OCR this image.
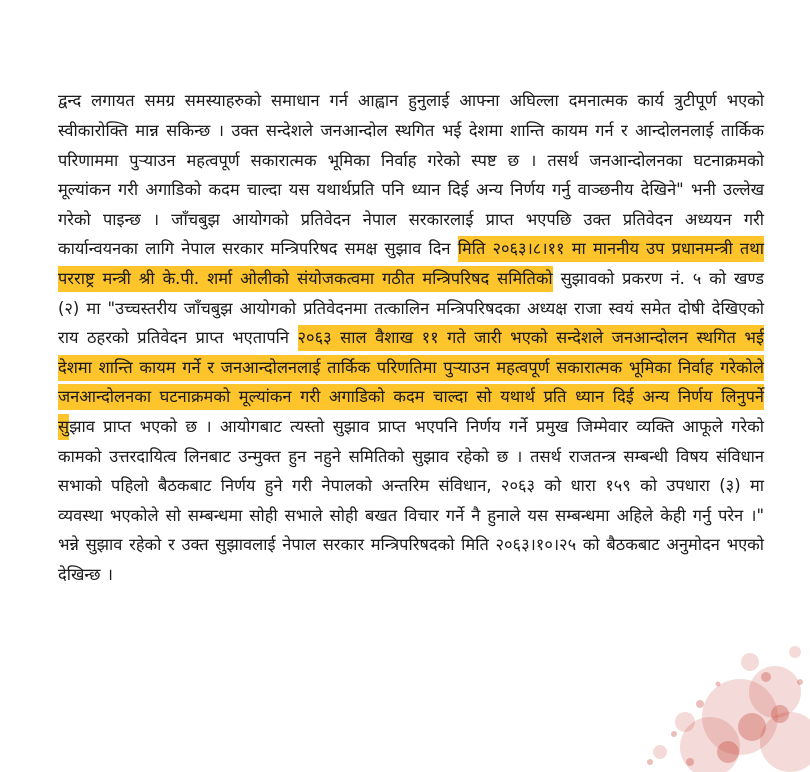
द्वन्द लगायत समग्र समस्याहरुको समाधान गर्न आह्वान हुनुलाई आफ्ना अघिल्ला दमनात्मक कार्य त्रुटीपूर्ण भएको स्वीकारोक्ति मान्न सकिन्छ । उक्त सन्देशले जनआन्दोल स्थगित भई देशमा शान्ति कायम गर्न र आन्दोलनलाई तार्किक परिणाममा पुऱ्याउन महत्वपूर्ण सकारात्मक भूमिका निर्वाह गरेको स्पष्ट छ । तसर्थ जनआन्दोलनका घटनाक्रमको मूल्यांकन गरी अगाडिको कदम चाल्दा यस यथार्थप्रति पनि ध्यान दिई अन्य निर्णय गर्नु वाञ्छनीय देखिने" भनी उल्लेख गरेको पाइन्छ । जाँचबुझ आयोगको प्रतिवेदन नेपाल सरकारलाई प्राप्त भएपछि उक्त प्रतिवेदन अध्ययन गरी कार्यान्वयनका लागि नेपाल सरकार मन्त्रिपरिषद समक्ष सुझाव दिन मिति २०६३।८।११ मा माननीय उप प्रधानमन्त्री तथा परराष्ट्र मन्त्री श्री के.पी. शर्मा ओलीको संयोजकत्वमा गठीत मन्त्रिपरिषद समितिको सुझावको प्रकरण नं. ५ को खण्ड (२) मा "उच्चस्तरीय जाँचबुझ आयोगको प्रतिवेदनमा तत्कालिन मन्त्रिपरिषदका अध्यक्ष राजा स्वयं समेत दोषी देखिएको राय ठहरको प्रतिवेदन प्राप्त भएतापनि २०६३ साल वैशाख ११ गते जारी भएको सन्देशले जनआन्दोलन स्थगित भई देशमा शान्ति कायम गर्ने र जनआन्दोलनलाई तार्किक परिणतिमा पुऱ्याउन महत्वपूर्ण सकारात्मक भूमिका निर्वाह गरेकोले जनआन्दोलनका घटनाक्रमको मूल्यांकन गरी अगाडिको कदम चाल्दा सो यथार्थ प्रति ध्यान दिई अन्य निर्णय लिनुपर्ने सुझाव प्राप्त भएको छ । आयोगबाट त्यस्तो सुझाव प्राप्त भएपनि निर्णय गर्ने प्रमुख जिम्मेवार व्यक्ति आफूले गरेको कामको उत्तरदायित्व लिनबाट उन्मुक्त हुन नहुने समितिको सुझाव रहेको छ । तसर्थ राजतन्त्र सम्बन्धी विषय संविधान सभाको पहिलो बैठकबाट निर्णय हुने गरी नेपालको अन्तरिम संविधान, २०६३ को धारा १५९ को उपधारा (३) मा व्यवस्था भएकोले सो सम्बन्धमा सोही सभाले सोही बखत विचार गर्ने नै हुनाले यस सम्बन्धमा अहिले केही गर्नु परेन ।" भन्ने सुझाव रहेको र उक्त सुझावलाई नेपाल सरकार मन्त्रिपरिषदको मिति २०६३।१०।२५ को बैठकबाट अनुमोदन भएको देखिन्छ ।
